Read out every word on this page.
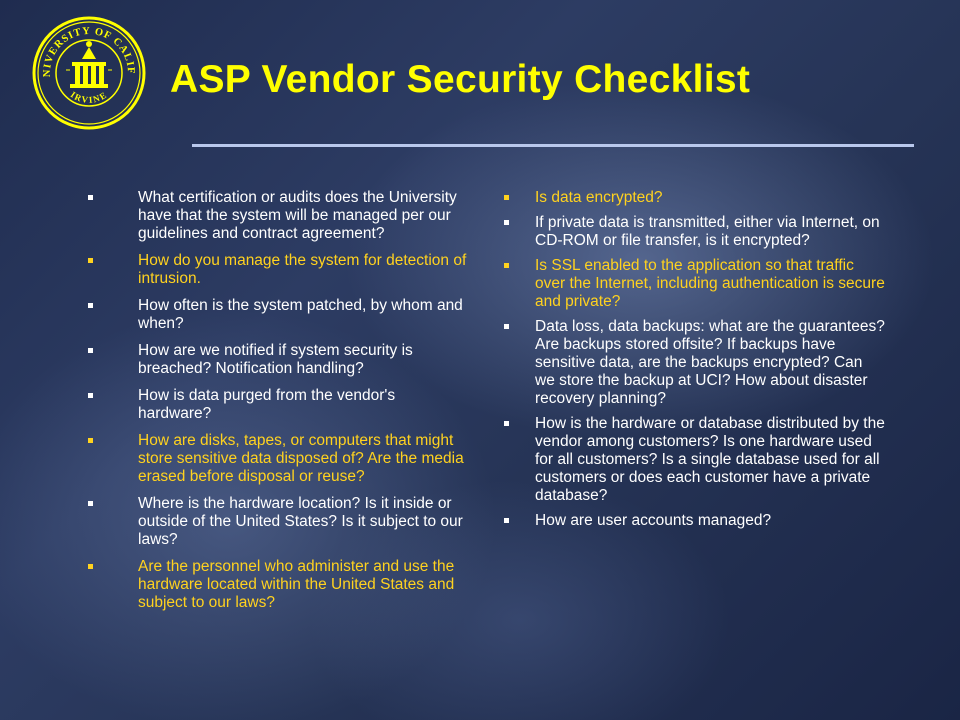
NIVERSITY OF CALIF
IRVINE ASP Vendor Security Checklist
What certification or audits does the University have that the system will be managed per our guidelines and contract agreement?
How do you manage the system for detection of intrusion.
How often is the system patched, by whom and when?
How are we notified if system security is breached? Notification handling?
How is data purged from the vendor's hardware?
How are disks, tapes, or computers that might store sensitive data disposed of? Are the media erased before disposal or reuse?
Where is the hardware location? Is it inside or outside of the United States? Is it subject to our laws?
Are the personnel who administer and use the hardware located within the United States and subject to our laws?
Is data encrypted?
If private data is transmitted, either via Internet, on CD-ROM or file transfer, is it encrypted?
Is SSL enabled to the application so that traffic over the Internet, including authentication is secure and private?
Data loss, data backups: what are the guarantees? Are backups stored offsite? If backups have sensitive data, are the backups encrypted? Can we store the backup at UCI? How about disaster recovery planning?
How is the hardware or database distributed by the vendor among customers? Is one hardware used for all customers? Is a single database used for all customers or does each customer have a private database?
How are user accounts managed?
